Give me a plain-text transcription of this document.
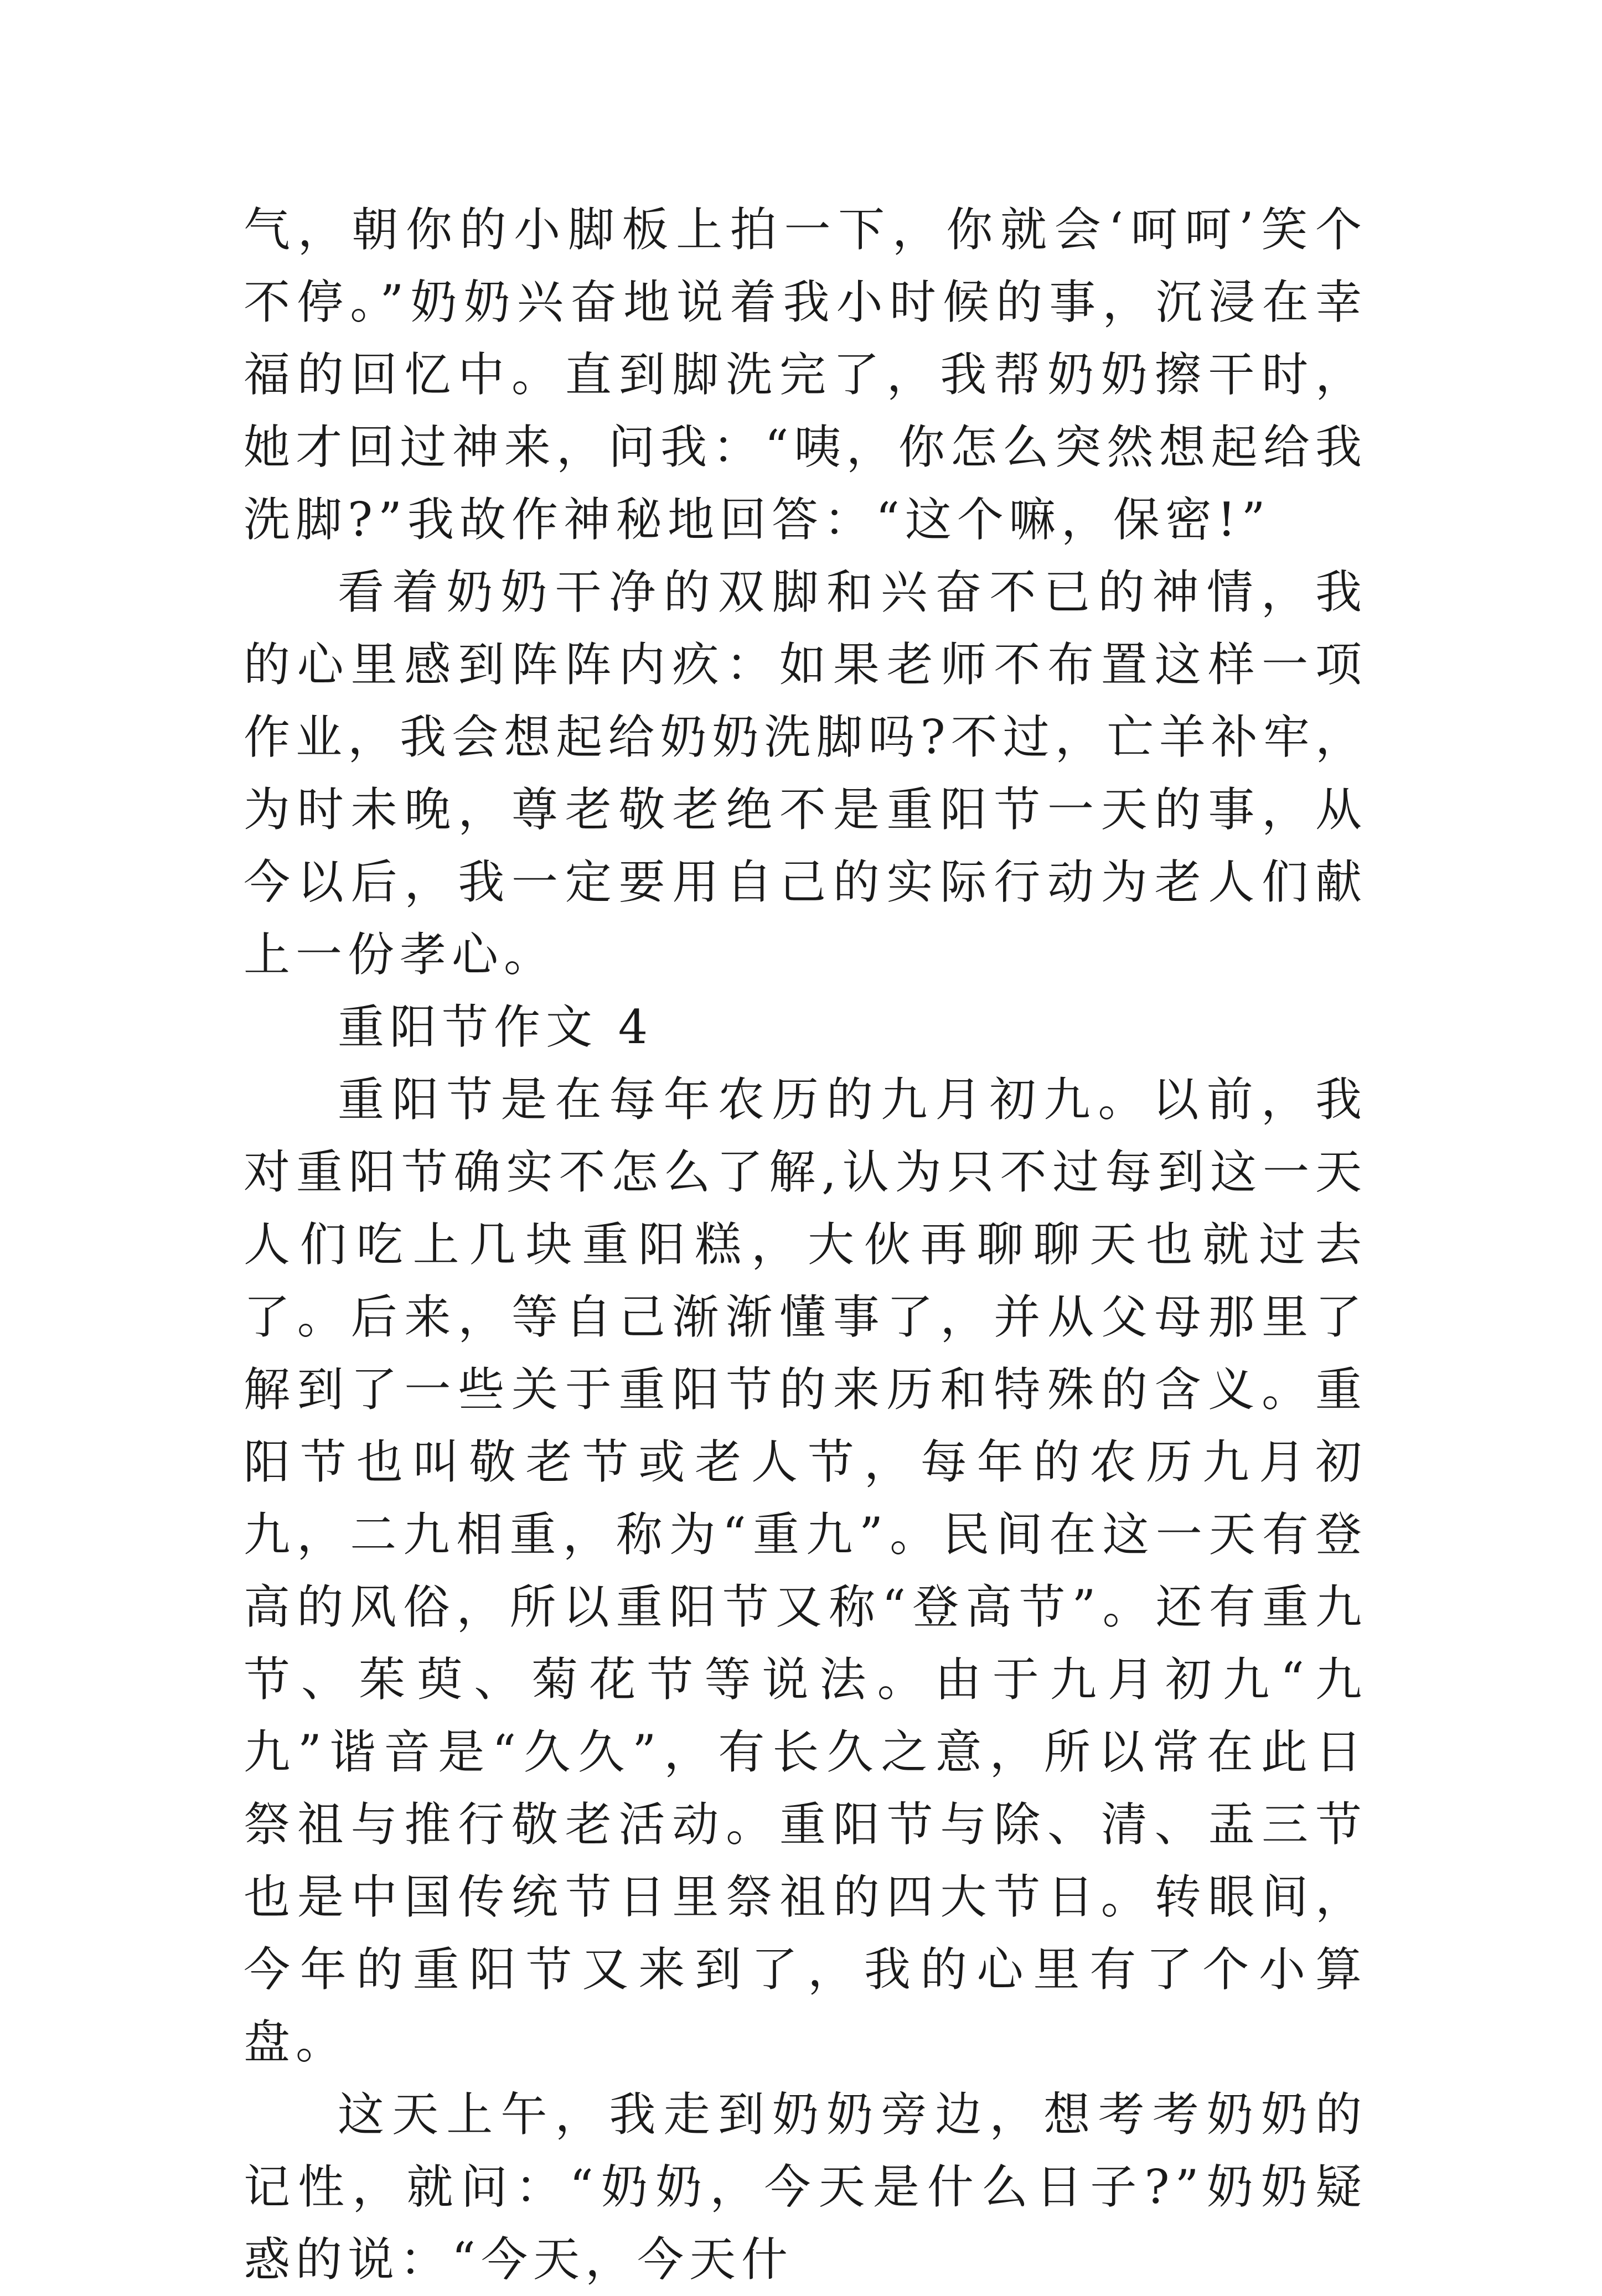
气，朝你的小脚板上拍一下，你就会‘呵呵’笑个不停。”奶奶兴奋地说着我小时候的事，沉浸在幸福的回忆中。直到脚洗完了，我帮奶奶擦干时，她才回过神来，问我：“咦，你怎么突然想起给我洗脚?”我故作神秘地回答：“这个嘛，保密!”

看着奶奶干净的双脚和兴奋不已的神情，我的心里感到阵阵内疚：如果老师不布置这样一项作业，我会想起给奶奶洗脚吗?不过，亡羊补牢，为时未晚，尊老敬老绝不是重阳节一天的事，从今以后，我一定要用自己的实际行动为老人们献上一份孝心。

重阳节作文 4

重阳节是在每年农历的九月初九。以前，我对重阳节确实不怎么了解,认为只不过每到这一天人们吃上几块重阳糕，大伙再聊聊天也就过去了。后来，等自己渐渐懂事了，并从父母那里了解到了一些关于重阳节的来历和特殊的含义。重阳节也叫敬老节或老人节，每年的农历九月初九，二九相重，称为“重九”。民间在这一天有登高的风俗，所以重阳节又称“登高节”。还有重九节、茱萸、菊花节等说法。由于九月初九“九九”谐音是“久久”，有长久之意，所以常在此日祭祖与推行敬老活动。重阳节与除、清、盂三节也是中国传统节日里祭祖的四大节日。转眼间，今年的重阳节又来到了，我的心里有了个小算盘。

这天上午，我走到奶奶旁边，想考考奶奶的记性，就问：“奶奶，今天是什么日子?”奶奶疑惑的说：“今天，今天什
